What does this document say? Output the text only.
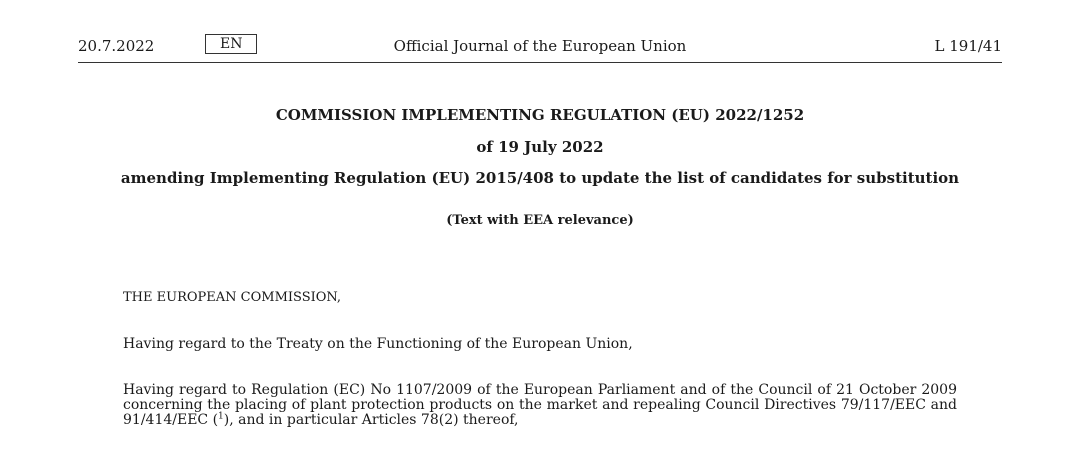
20.7.2022	EN	Official Journal of the European Union	L 191/41
COMMISSION IMPLEMENTING REGULATION (EU) 2022/1252
of 19 July 2022
amending Implementing Regulation (EU) 2015/408 to update the list of candidates for substitution
(Text with EEA relevance)
THE EUROPEAN COMMISSION,
Having regard to the Treaty on the Functioning of the European Union,
Having regard to Regulation (EC) No 1107/2009 of the European Parliament and of the Council of 21 October 2009 concerning the placing of plant protection products on the market and repealing Council Directives 79/117/EEC and 91/414/EEC ($^1$), and in particular Articles 78(2) thereof,
